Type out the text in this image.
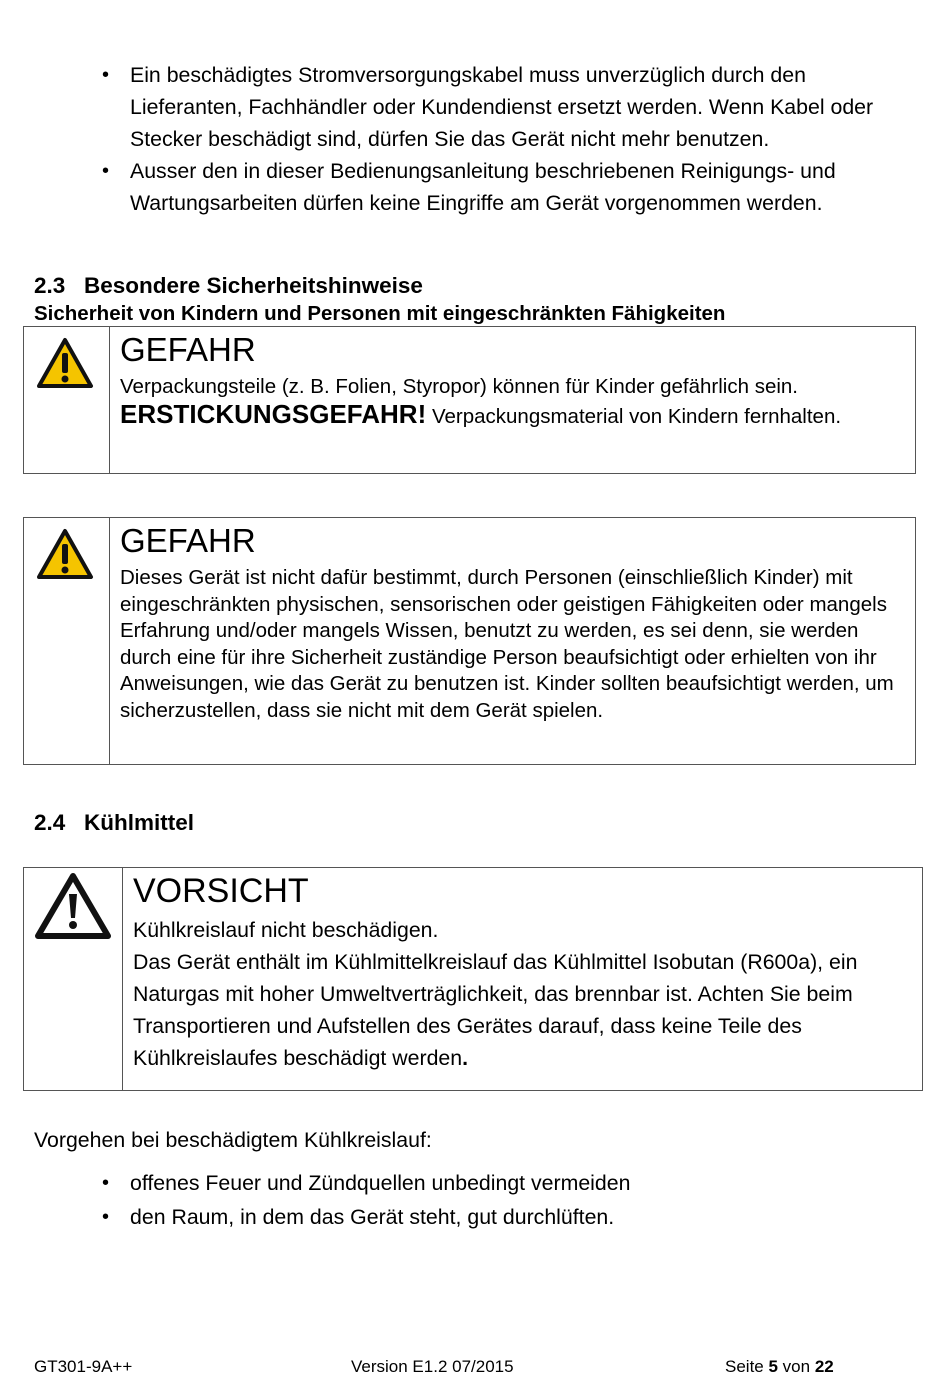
• Ein beschädigtes Stromversorgungskabel muss unverzüglich durch den Lieferanten, Fachhändler oder Kundendienst ersetzt werden. Wenn Kabel oder Stecker beschädigt sind, dürfen Sie das Gerät nicht mehr benutzen.
• Ausser den in dieser Bedienungsanleitung beschriebenen Reinigungs- und Wartungsarbeiten dürfen keine Eingriffe am Gerät vorgenommen werden.
2.3 Besondere Sicherheitshinweise
Sicherheit von Kindern und Personen mit eingeschränkten Fähigkeiten
GEFAHR
Verpackungsteile (z. B. Folien, Styropor) können für Kinder gefährlich sein.
ERSTICKUNGSGEFAHR! Verpackungsmaterial von Kindern fernhalten.
GEFAHR
Dieses Gerät ist nicht dafür bestimmt, durch Personen (einschließlich Kinder) mit eingeschränkten physischen, sensorischen oder geistigen Fähigkeiten oder mangels Erfahrung und/oder mangels Wissen, benutzt zu werden, es sei denn, sie werden durch eine für ihre Sicherheit zuständige Person beaufsichtigt oder erhielten von ihr Anweisungen, wie das Gerät zu benutzen ist. Kinder sollten beaufsichtigt werden, um sicherzustellen, dass sie nicht mit dem Gerät spielen.
2.4 Kühlmittel
VORSICHT
Kühlkreislauf nicht beschädigen.
Das Gerät enthält im Kühlmittelkreislauf das Kühlmittel Isobutan (R600a), ein Naturgas mit hoher Umweltverträglichkeit, das brennbar ist. Achten Sie beim Transportieren und Aufstellen des Gerätes darauf, dass keine Teile des Kühlkreislaufes beschädigt werden.
Vorgehen bei beschädigtem Kühlkreislauf:
• offenes Feuer und Zündquellen unbedingt vermeiden
• den Raum, in dem das Gerät steht, gut durchlüften.
GT301-9A++	Version E1.2 07/2015	Seite 5 von 22
